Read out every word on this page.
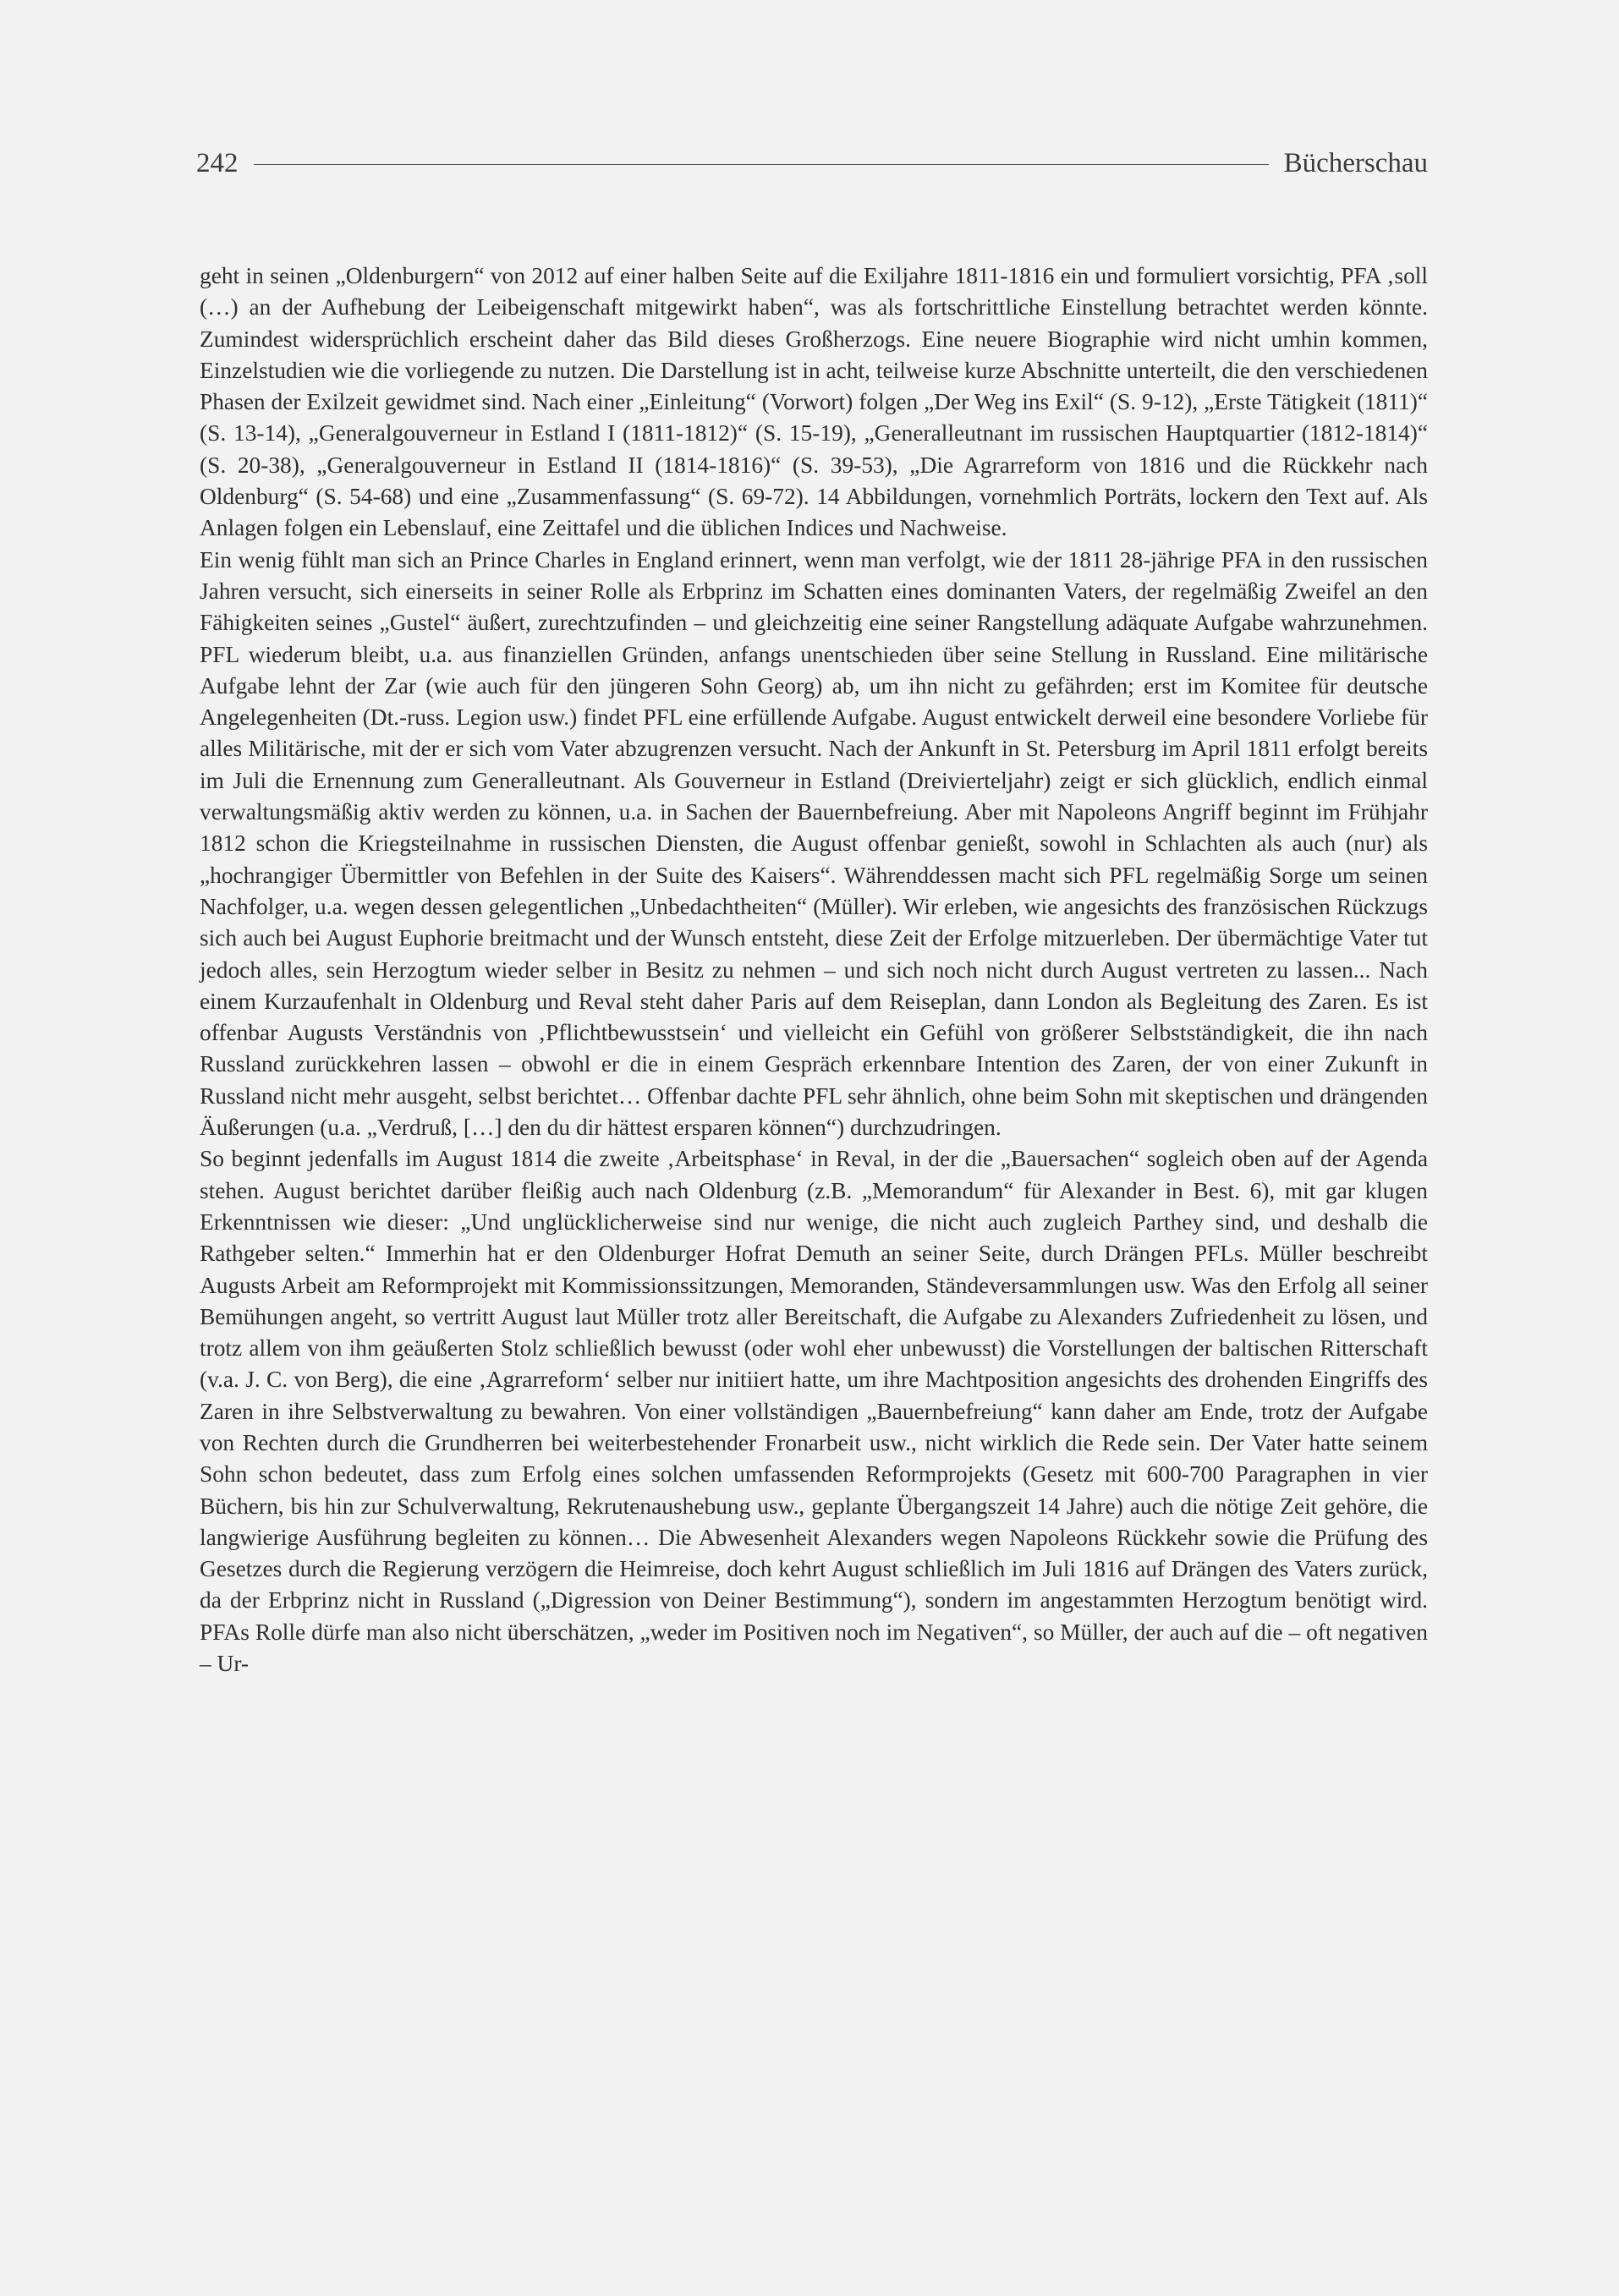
242	Bücherschau

geht in seinen „Oldenburgern“ von 2012 auf einer halben Seite auf die Exiljahre 1811-1816 ein und formuliert vorsichtig, PFA ‚soll (…) an der Aufhebung der Leibeigenschaft mitgewirkt haben“, was als fortschrittliche Einstellung betrachtet werden könnte. Zumindest widersprüchlich erscheint daher das Bild dieses Großherzogs. Eine neuere Biographie wird nicht umhin kommen, Einzelstudien wie die vorliegende zu nutzen. Die Darstellung ist in acht, teilweise kurze Abschnitte unterteilt, die den verschiedenen Phasen der Exilzeit gewidmet sind. Nach einer „Einleitung“ (Vorwort) folgen „Der Weg ins Exil“ (S. 9-12), „Erste Tätigkeit (1811)“ (S. 13-14), „Generalgouverneur in Estland I (1811-1812)“ (S. 15-19), „Generalleutnant im russischen Hauptquartier (1812-1814)“ (S. 20-38), „Generalgouverneur in Estland II (1814-1816)“ (S. 39-53), „Die Agrarreform von 1816 und die Rückkehr nach Oldenburg“ (S. 54-68) und eine „Zusammenfassung“ (S. 69-72). 14 Abbildungen, vornehmlich Porträts, lockern den Text auf. Als Anlagen folgen ein Lebenslauf, eine Zeittafel und die üblichen Indices und Nachweise.

Ein wenig fühlt man sich an Prince Charles in England erinnert, wenn man verfolgt, wie der 1811 28-jährige PFA in den russischen Jahren versucht, sich einerseits in seiner Rolle als Erbprinz im Schatten eines dominanten Vaters, der regelmäßig Zweifel an den Fähigkeiten seines „Gustel“ äußert, zurechtzufinden – und gleichzeitig eine seiner Rangstellung adäquate Aufgabe wahrzunehmen. PFL wiederum bleibt, u.a. aus finanziellen Gründen, anfangs unentschieden über seine Stellung in Russland. Eine militärische Aufgabe lehnt der Zar (wie auch für den jüngeren Sohn Georg) ab, um ihn nicht zu gefährden; erst im Komitee für deutsche Angelegenheiten (Dt.-russ. Legion usw.) findet PFL eine erfüllende Aufgabe. August entwickelt derweil eine besondere Vorliebe für alles Militärische, mit der er sich vom Vater abzugrenzen versucht. Nach der Ankunft in St. Petersburg im April 1811 erfolgt bereits im Juli die Ernennung zum Generalleutnant. Als Gouverneur in Estland (Dreivierteljahr) zeigt er sich glücklich, endlich einmal verwaltungsmäßig aktiv werden zu können, u.a. in Sachen der Bauernbefreiung. Aber mit Napoleons Angriff beginnt im Frühjahr 1812 schon die Kriegsteilnahme in russischen Diensten, die August offenbar genießt, sowohl in Schlachten als auch (nur) als „hochrangiger Übermittler von Befehlen in der Suite des Kaisers“. Währenddessen macht sich PFL regelmäßig Sorge um seinen Nachfolger, u.a. wegen dessen gelegentlichen „Unbedachtheiten“ (Müller). Wir erleben, wie angesichts des französischen Rückzugs sich auch bei August Euphorie breitmacht und der Wunsch entsteht, diese Zeit der Erfolge mitzuerleben. Der übermächtige Vater tut jedoch alles, sein Herzogtum wieder selber in Besitz zu nehmen – und sich noch nicht durch August vertreten zu lassen... Nach einem Kurzaufenhalt in Oldenburg und Reval steht daher Paris auf dem Reiseplan, dann London als Begleitung des Zaren. Es ist offenbar Augusts Verständnis von ‚Pflichtbewusstsein‘ und vielleicht ein Gefühl von größerer Selbstständigkeit, die ihn nach Russland zurückkehren lassen – obwohl er die in einem Gespräch erkennbare Intention des Zaren, der von einer Zukunft in Russland nicht mehr ausgeht, selbst berichtet… Offenbar dachte PFL sehr ähnlich, ohne beim Sohn mit skeptischen und drängenden Äußerungen (u.a. „Verdruß, […] den du dir hättest ersparen können“) durchzudringen.

So beginnt jedenfalls im August 1814 die zweite ‚Arbeitsphase‘ in Reval, in der die „Bauersachen“ sogleich oben auf der Agenda stehen. August berichtet darüber fleißig auch nach Oldenburg (z.B. „Memorandum“ für Alexander in Best. 6), mit gar klugen Erkenntnissen wie dieser: „Und unglücklicherweise sind nur wenige, die nicht auch zugleich Parthey sind, und deshalb die Rathgeber selten.“ Immerhin hat er den Oldenburger Hofrat Demuth an seiner Seite, durch Drängen PFLs. Müller beschreibt Augusts Arbeit am Reformprojekt mit Kommissionssitzungen, Memoranden, Ständeversammlungen usw. Was den Erfolg all seiner Bemühungen angeht, so vertritt August laut Müller trotz aller Bereitschaft, die Aufgabe zu Alexanders Zufriedenheit zu lösen, und trotz allem von ihm geäußerten Stolz schließlich bewusst (oder wohl eher unbewusst) die Vorstellungen der baltischen Ritterschaft (v.a. J. C. von Berg), die eine ‚Agrarreform‘ selber nur initiiert hatte, um ihre Machtposition angesichts des drohenden Eingriffs des Zaren in ihre Selbstverwaltung zu bewahren. Von einer vollständigen „Bauernbefreiung“ kann daher am Ende, trotz der Aufgabe von Rechten durch die Grundherren bei weiterbestehender Fronarbeit usw., nicht wirklich die Rede sein. Der Vater hatte seinem Sohn schon bedeutet, dass zum Erfolg eines solchen umfassenden Reformprojekts (Gesetz mit 600-700 Paragraphen in vier Büchern, bis hin zur Schulverwaltung, Rekrutenaushebung usw., geplante Übergangszeit 14 Jahre) auch die nötige Zeit gehöre, die langwierige Ausführung begleiten zu können… Die Abwesenheit Alexanders wegen Napoleons Rückkehr sowie die Prüfung des Gesetzes durch die Regierung verzögern die Heimreise, doch kehrt August schließlich im Juli 1816 auf Drängen des Vaters zurück, da der Erbprinz nicht in Russland („Digression von Deiner Bestimmung“), sondern im angestammten Herzogtum benötigt wird. PFAs Rolle dürfe man also nicht überschätzen, „weder im Positiven noch im Negativen“, so Müller, der auch auf die – oft negativen – Ur-
